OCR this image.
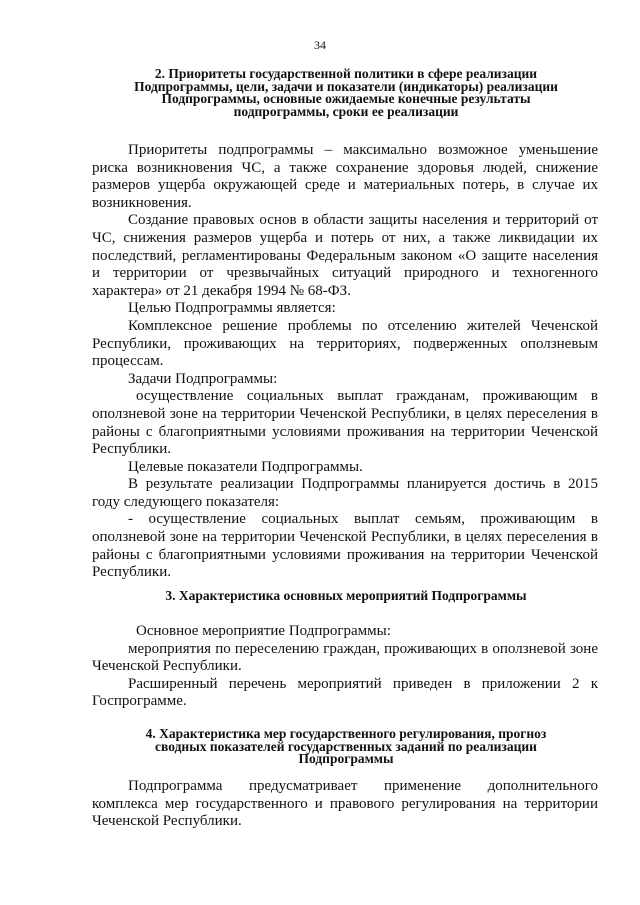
34
2. Приоритеты государственной политики в сфере реализации
Подпрограммы, цели, задачи и показатели (индикаторы) реализации
Подпрограммы, основные ожидаемые конечные результаты
подпрограммы, сроки ее реализации

Приоритеты подпрограммы – максимально возможное уменьшение риска возникновения ЧС, а также сохранение здоровья людей, снижение размеров ущерба окружающей среде и материальных потерь, в случае их возникновения.

Создание правовых основ в области защиты населения и территорий от ЧС, снижения размеров ущерба и потерь от них, а также ликвидации их последствий, регламентированы Федеральным законом «О защите населения и территории от чрезвычайных ситуаций природного и техногенного характера» от 21 декабря 1994 № 68-ФЗ.

Целью Подпрограммы является:

Комплексное решение проблемы по отселению жителей Чеченской Республики, проживающих на территориях, подверженных оползневым процессам.

Задачи Подпрограммы:

осуществление социальных выплат гражданам, проживающим в оползневой зоне на территории Чеченской Республики, в целях переселения в районы с благоприятными условиями проживания на территории Чеченской Республики.

Целевые показатели Подпрограммы.

В результате реализации Подпрограммы планируется достичь в 2015 году следующего показателя:

- осуществление социальных выплат семьям, проживающим в оползневой зоне на территории Чеченской Республики, в целях переселения в районы с благоприятными условиями проживания на территории Чеченской Республики.

3. Характеристика основных мероприятий Подпрограммы

Основное мероприятие Подпрограммы:

мероприятия по переселению граждан, проживающих в оползневой зоне Чеченской Республики.

Расширенный перечень мероприятий приведен в приложении 2 к Госпрограмме.

4. Характеристика мер государственного регулирования, прогноз
сводных показателей государственных заданий по реализации
Подпрограммы

Подпрограмма предусматривает применение дополнительного комплекса мер государственного и правового регулирования на территории Чеченской Республики.
